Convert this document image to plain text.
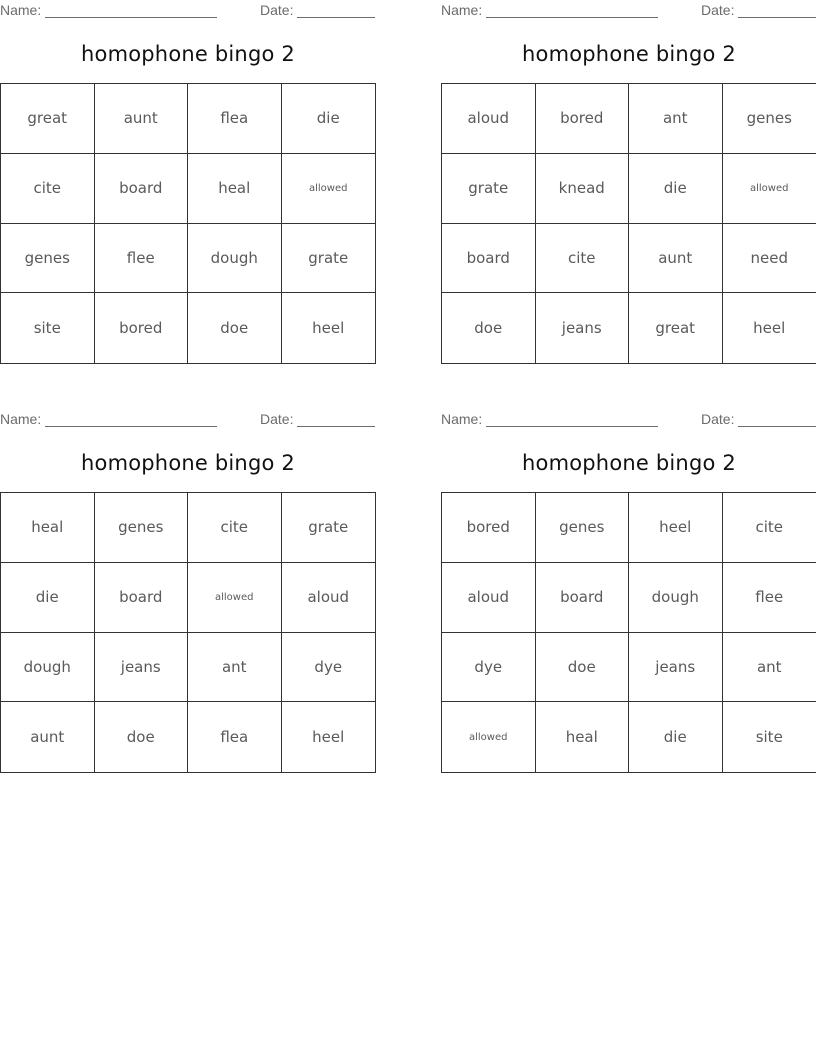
Name:	Date:
homophone bingo 2
great	aunt	flea	die
cite	board	heal	allowed
genes	flee	dough	grate
site	bored	doe	heel
Name:	Date:
homophone bingo 2
aloud	bored	ant	genes
grate	knead	die	allowed
board	cite	aunt	need
doe	jeans	great	heel
Name:	Date:
homophone bingo 2
heal	genes	cite	grate
die	board	allowed	aloud
dough	jeans	ant	dye
aunt	doe	flea	heel
Name:	Date:
homophone bingo 2
bored	genes	heel	cite
aloud	board	dough	flee
dye	doe	jeans	ant
allowed	heal	die	site
